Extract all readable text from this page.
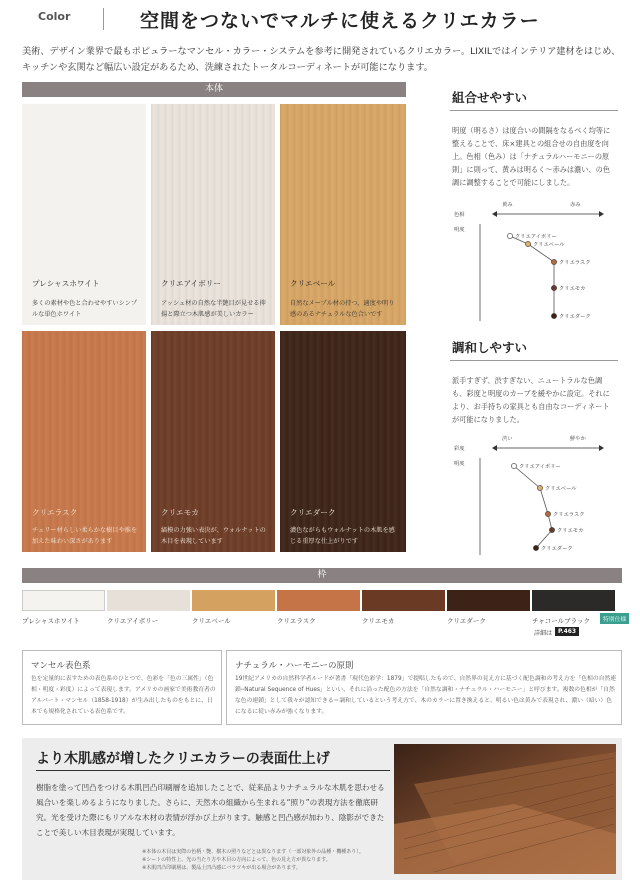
Color	空間をつないでマルチに使えるクリエカラー
美術、デザイン業界で最もポピュラーなマンセル・カラー・システムを参考に開発されているクリエカラー。LIXILではインテリア建材をはじめ、キッチンや玄関など幅広い設定があるため、洗練されたトータルコーディネートが可能になります。
本体
プレシャスホワイト
多くの素材や色と合わせやすいシンプルな単色ホワイト
クリエアイボリー
アッシュ材の自然な半艶目が見せる抑揚と際立つ木肌感が美しいカラー
クリエベール
自然なメープル材の持つ、適度や明り感のあるナチュラルな色合いです
クリエラスク
チェリー材らしい柔らかな樹目や推を加えた味わい深さがあります
クリエモカ
縞模の力強い表決が、ウォルナットの木目を表現しています
クリエダーク
濃色ながらもウォルナットの木肌を感じる重厚な仕上がりです
組合せやすい
明度（明るさ）は度合いの間隔をなるべく均等に整えることで、床×建具との組合せの自由度を向上。色相（色み）は「ナチュラルハーモニーの原則」に則って、黄みは明るく〜赤みは濃い、の色調に調整することで可能にしました。
黄み	赤み
色相
明度
クリエアイボリー
クリエベール
クリエラスク
クリエモカ
クリエダーク
調和しやすい
派手すぎず、渋すぎない、ニュートラルな色調も、彩度と明度のカーブを緩やかに設定。それにより、お手持ちの家具とも自由なコーディネートが可能になりました。
渋い	鮮やか
彩度
明度	クリエアイボリー
クリエベール
クリエラスク
クリエモカ
クリエダーク
枠
プレシャスホワイト	クリエアイボリー	クリエベール	クリエラスク	クリエモカ	クリエダーク	チャコールブラック	特別仕様
詳細は P.463
マンセル表色系
色を定量的に表すための表色系のひとつで、色彩を「色の三属性」（色相・明度・彩度）によって表現します。アメリカの画家で美術教育者のアルバート・マンセル（1858-1918）が生み出したものをもとに、日本でも規格化されている表色系です。
ナチュラル・ハーモニーの原則
19世紀アメリカの自然科学者ルードが著書「現代色彩学：1879」で提唱したもので、自然界の見え方に基づく配色調和の考え方を「色相の自然連鎖─Natural Sequence of Hues」といい、それに沿った配色の方法を「自然な調和・ナチュラル・ハーモニー」と呼びます。複数の色相が「自然な色の連鎖」として我々が認知できる＝調和しているという考え方で、木のカラーに置き換えると、明るい色は黄みで表現され、濃い（暗い）色になるに従い赤みが強くなります。
より木肌感が増したクリエカラーの表面仕上げ
樹脂を塗って凹凸をつける木肌凹凸印刷層を追加したことで、従来品よりナチュラルな木肌を思わせる風合いを楽しめるようになりました。さらに、天然木の組織から生まれる“照り”の表現方法を徹底研究。光を受けた際にもリアルな木材の表情が浮かび上がります。触感と凹凸感が加わり、陰影ができたことで美しい木目表現が実現しています。
※本体の木目は実際の色柄・艶、樹木の照りなどとは異なります（一部対象外の品種・機種あり）。
※シートの特性上、光の当たり方や木目の方向によって、色の見え方が異なります。
※木肌凹凸印刷層は、製品上凹凸感にバラツキが出る場合があります。
